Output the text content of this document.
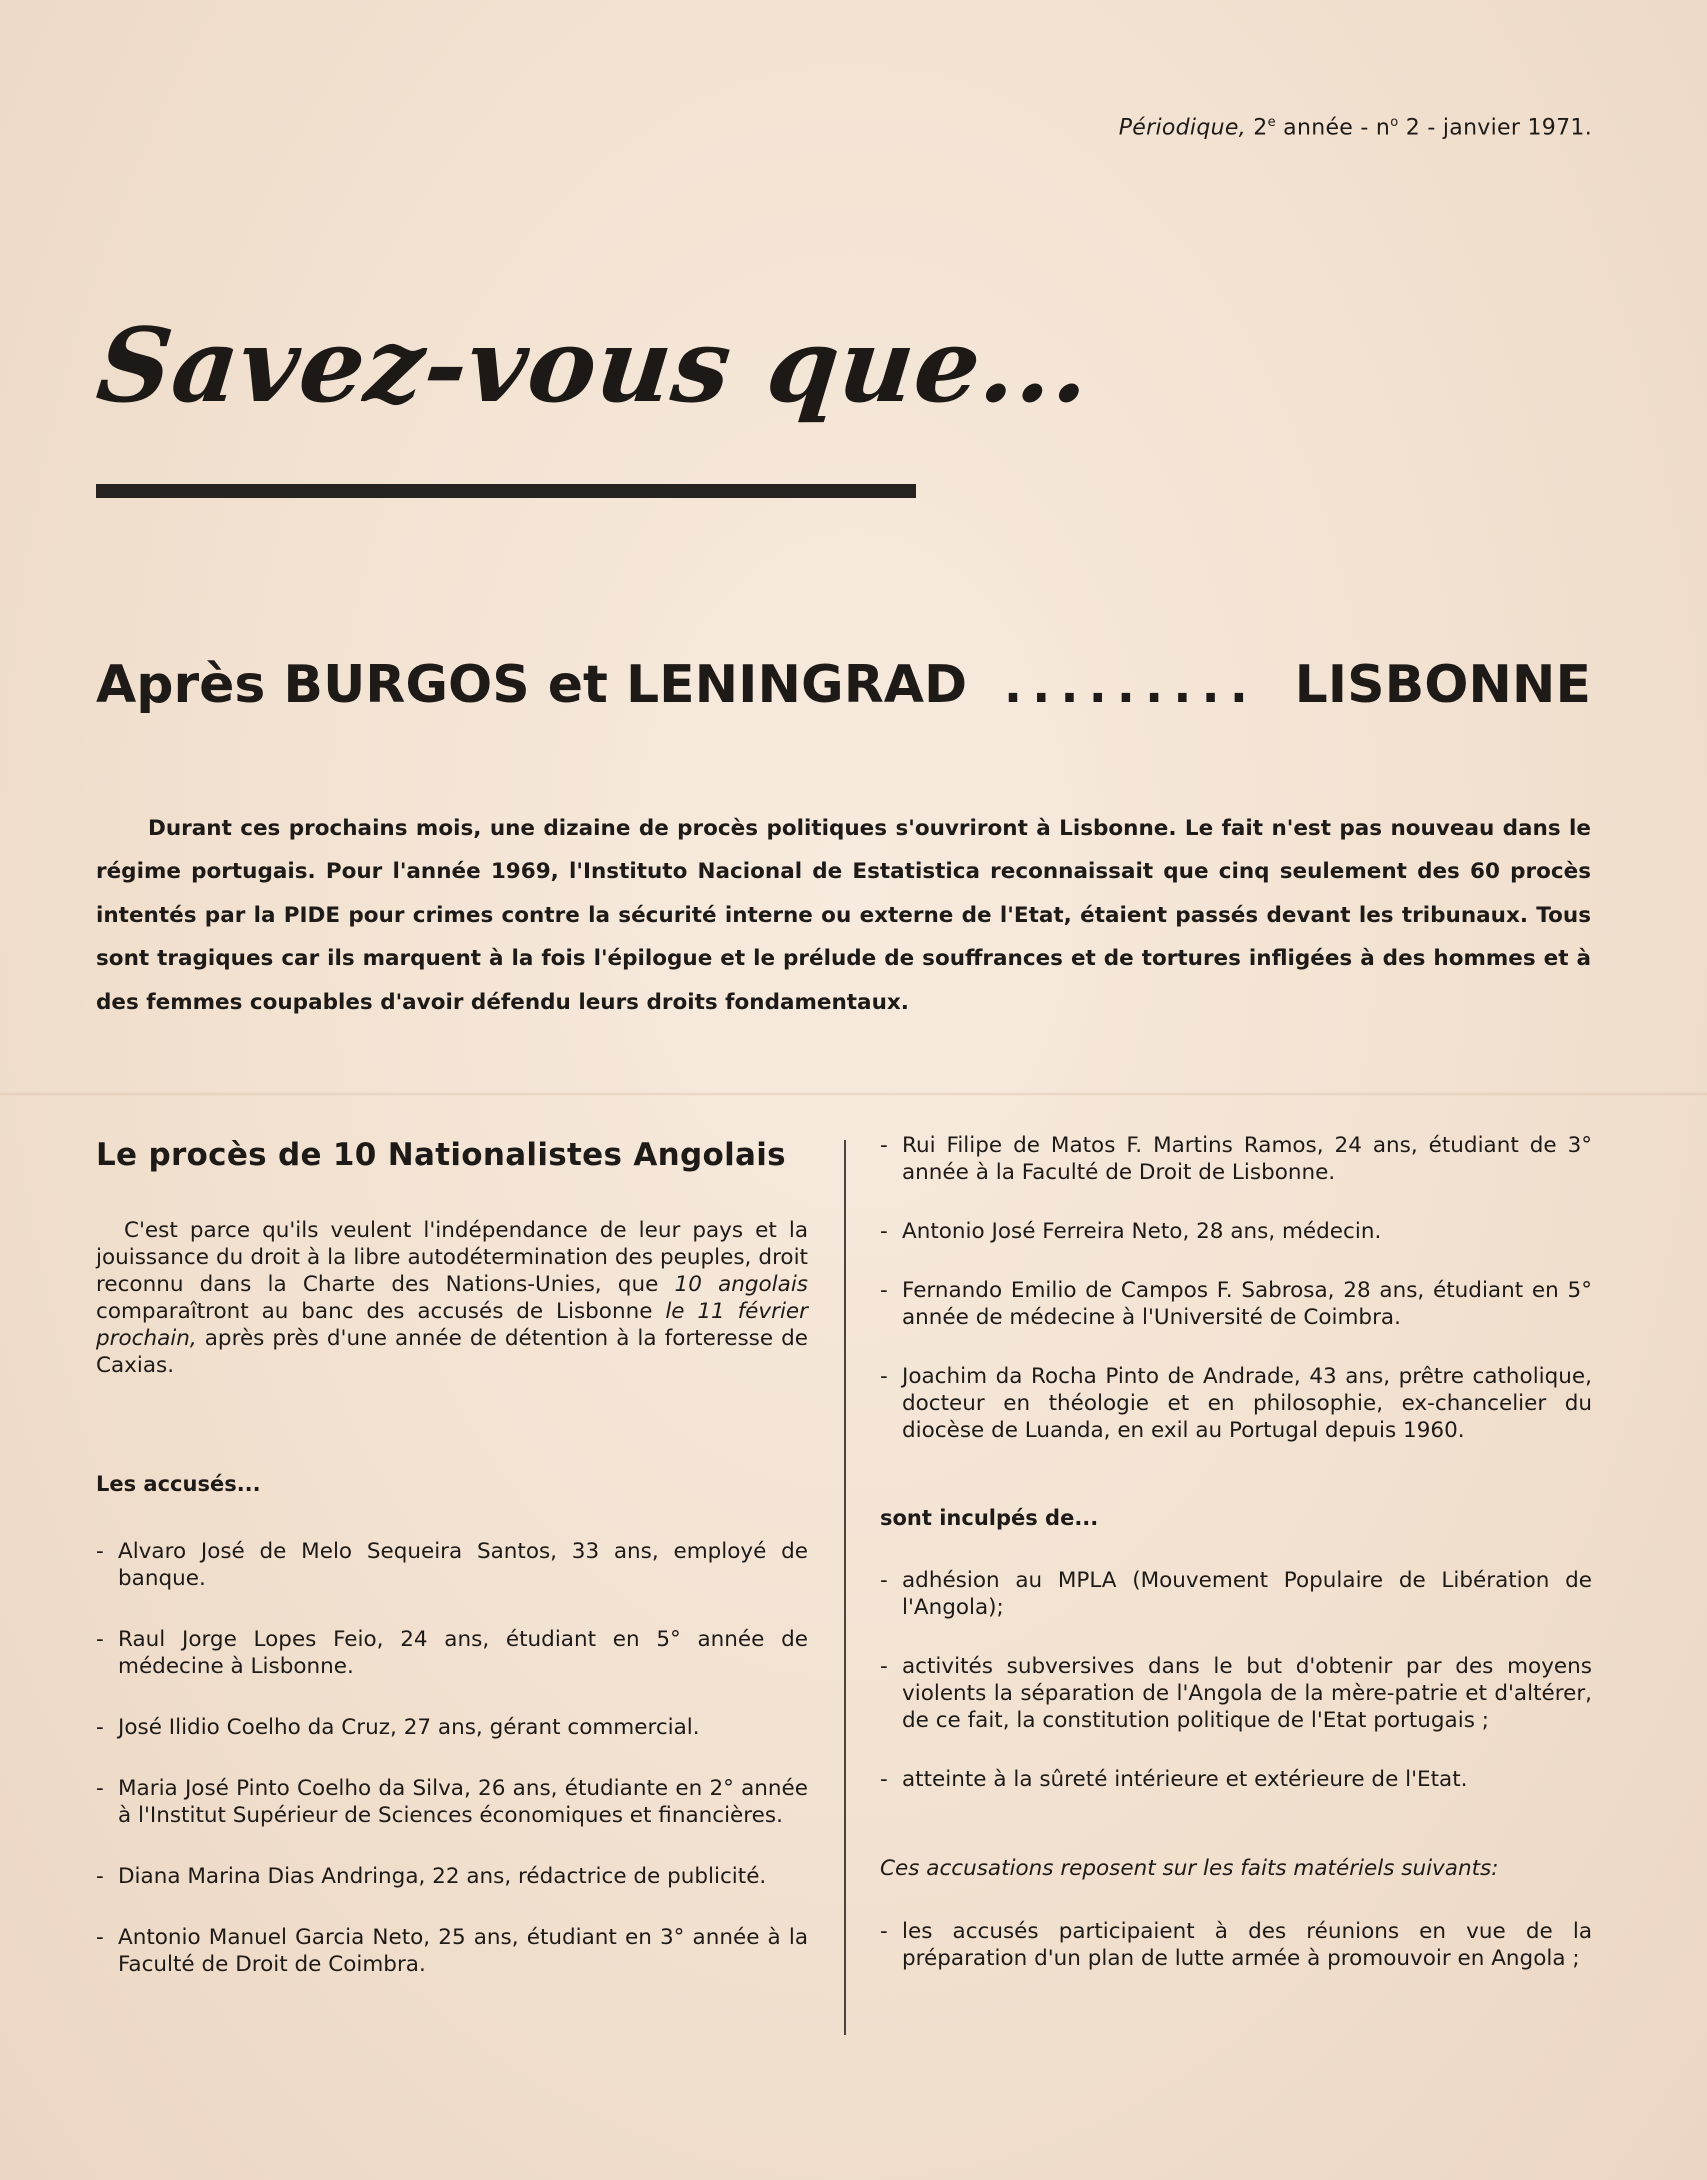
Périodique, 2e année - $n^o$ 2 - janvier 1971.
Savez-vous que...
Après BURGOS et LENINGRAD ......... LISBONNE

Durant ces prochains mois, une dizaine de procès politiques s'ouvriront à Lisbonne. Le fait n'est pas nouveau dans le régime portugais. Pour l'année 1969, l'Instituto Nacional de Estatistica reconnaissait que cinq seulement des 60 procès intentés par la PIDE pour crimes contre la sécurité interne ou externe de l'Etat, étaient passés devant les tribunaux. Tous sont tragiques car ils marquent à la fois l'épilogue et le prélude de souffrances et de tortures infligées à des hommes et à des femmes coupables d'avoir défendu leurs droits fondamentaux.

Le procès de 10 Nationalistes Angolais

C'est parce qu'ils veulent l'indépendance de leur pays et la jouissance du droit à la libre autodétermination des peuples, droit reconnu dans la Charte des Nations-Unies, que 10 angolais comparaîtront au banc des accusés de Lisbonne le 11 février prochain, après près d'une année de détention à la forteresse de Caxias.

Les accusés...

- Alvaro José de Melo Sequeira Santos, 33 ans, employé de banque.
- Raul Jorge Lopes Feio, 24 ans, étudiant en 5° année de médecine à Lisbonne.
- José Ilidio Coelho da Cruz, 27 ans, gérant commercial.
- Maria José Pinto Coelho da Silva, 26 ans, étudiante en 2° année à l'Institut Supérieur de Sciences économiques et financières.
- Diana Marina Dias Andringa, 22 ans, rédactrice de publicité.
- Antonio Manuel Garcia Neto, 25 ans, étudiant en 3° année à la Faculté de Droit de Coimbra.
- Rui Filipe de Matos F. Martins Ramos, 24 ans, étudiant de 3° année à la Faculté de Droit de Lisbonne.
- Antonio José Ferreira Neto, 28 ans, médecin.
- Fernando Emilio de Campos F. Sabrosa, 28 ans, étudiant en 5° année de médecine à l'Université de Coimbra.
- Joachim da Rocha Pinto de Andrade, 43 ans, prêtre catholique, docteur en théologie et en philosophie, ex-chancelier du diocèse de Luanda, en exil au Portugal depuis 1960.

sont inculpés de...

- adhésion au MPLA (Mouvement Populaire de Libération de l'Angola);
- activités subversives dans le but d'obtenir par des moyens violents la séparation de l'Angola de la mère-patrie et d'altérer, de ce fait, la constitution politique de l'Etat portugais ;
- atteinte à la sûreté intérieure et extérieure de l'Etat.

Ces accusations reposent sur les faits matériels suivants:

- les accusés participaient à des réunions en vue de la préparation d'un plan de lutte armée à promouvoir en Angola ;
